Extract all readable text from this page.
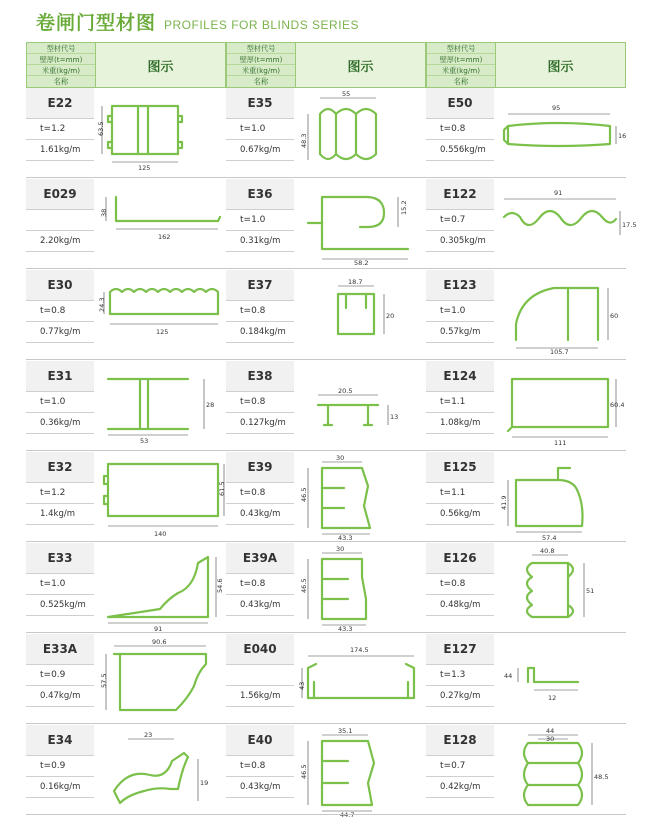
卷闸门型材图 PROFILES FOR BLINDS SERIES
型材代号
壁厚(t=mm)
米重(kg/m)
名称
图示
E22
t=1.2
1.61kg/m
63.5
125
E029
2.20kg/m
38
162
E30
t=0.8
0.77kg/m
24.3
125
E31
t=1.0
0.36kg/m
28
53
E32
t=1.2
1.4kg/m
61.5
140
E33
t=1.0
0.525kg/m
54.6
91
E33A
t=0.9
0.47kg/m
90.6
57.5
E34
t=0.9
0.16kg/m
23
19
型材代号
壁厚(t=mm)
米重(kg/m)
名称
图示
E35
t=1.0
0.67kg/m
55
48.3
E36
t=1.0
0.31kg/m
15.2
58.2
E37
t=0.8
0.184kg/m
18.7
20
E38
t=0.8
0.127kg/m
20.5
13
E39
t=0.8
0.43kg/m
30
46.5
43.3
E39A
t=0.8
0.43kg/m
30
46.5
43.3
E040
1.56kg/m
174.5
43
E40
t=0.8
0.43kg/m
35.1
46.5
44.7
型材代号
壁厚(t=mm)
米重(kg/m)
名称
图示
E50
t=0.8
0.556kg/m
95
16
E122
t=0.7
0.305kg/m
91
17.5
E123
t=1.0
0.57kg/m
60
105.7
E124
t=1.1
1.08kg/m
60.4
111
E125
t=1.1
0.56kg/m
41.9
57.4
E126
t=0.8
0.48kg/m
40.8
51
E127
t=1.3
0.27kg/m	12
44
E128
t=0.7
0.42kg/m
44
30
48.5
